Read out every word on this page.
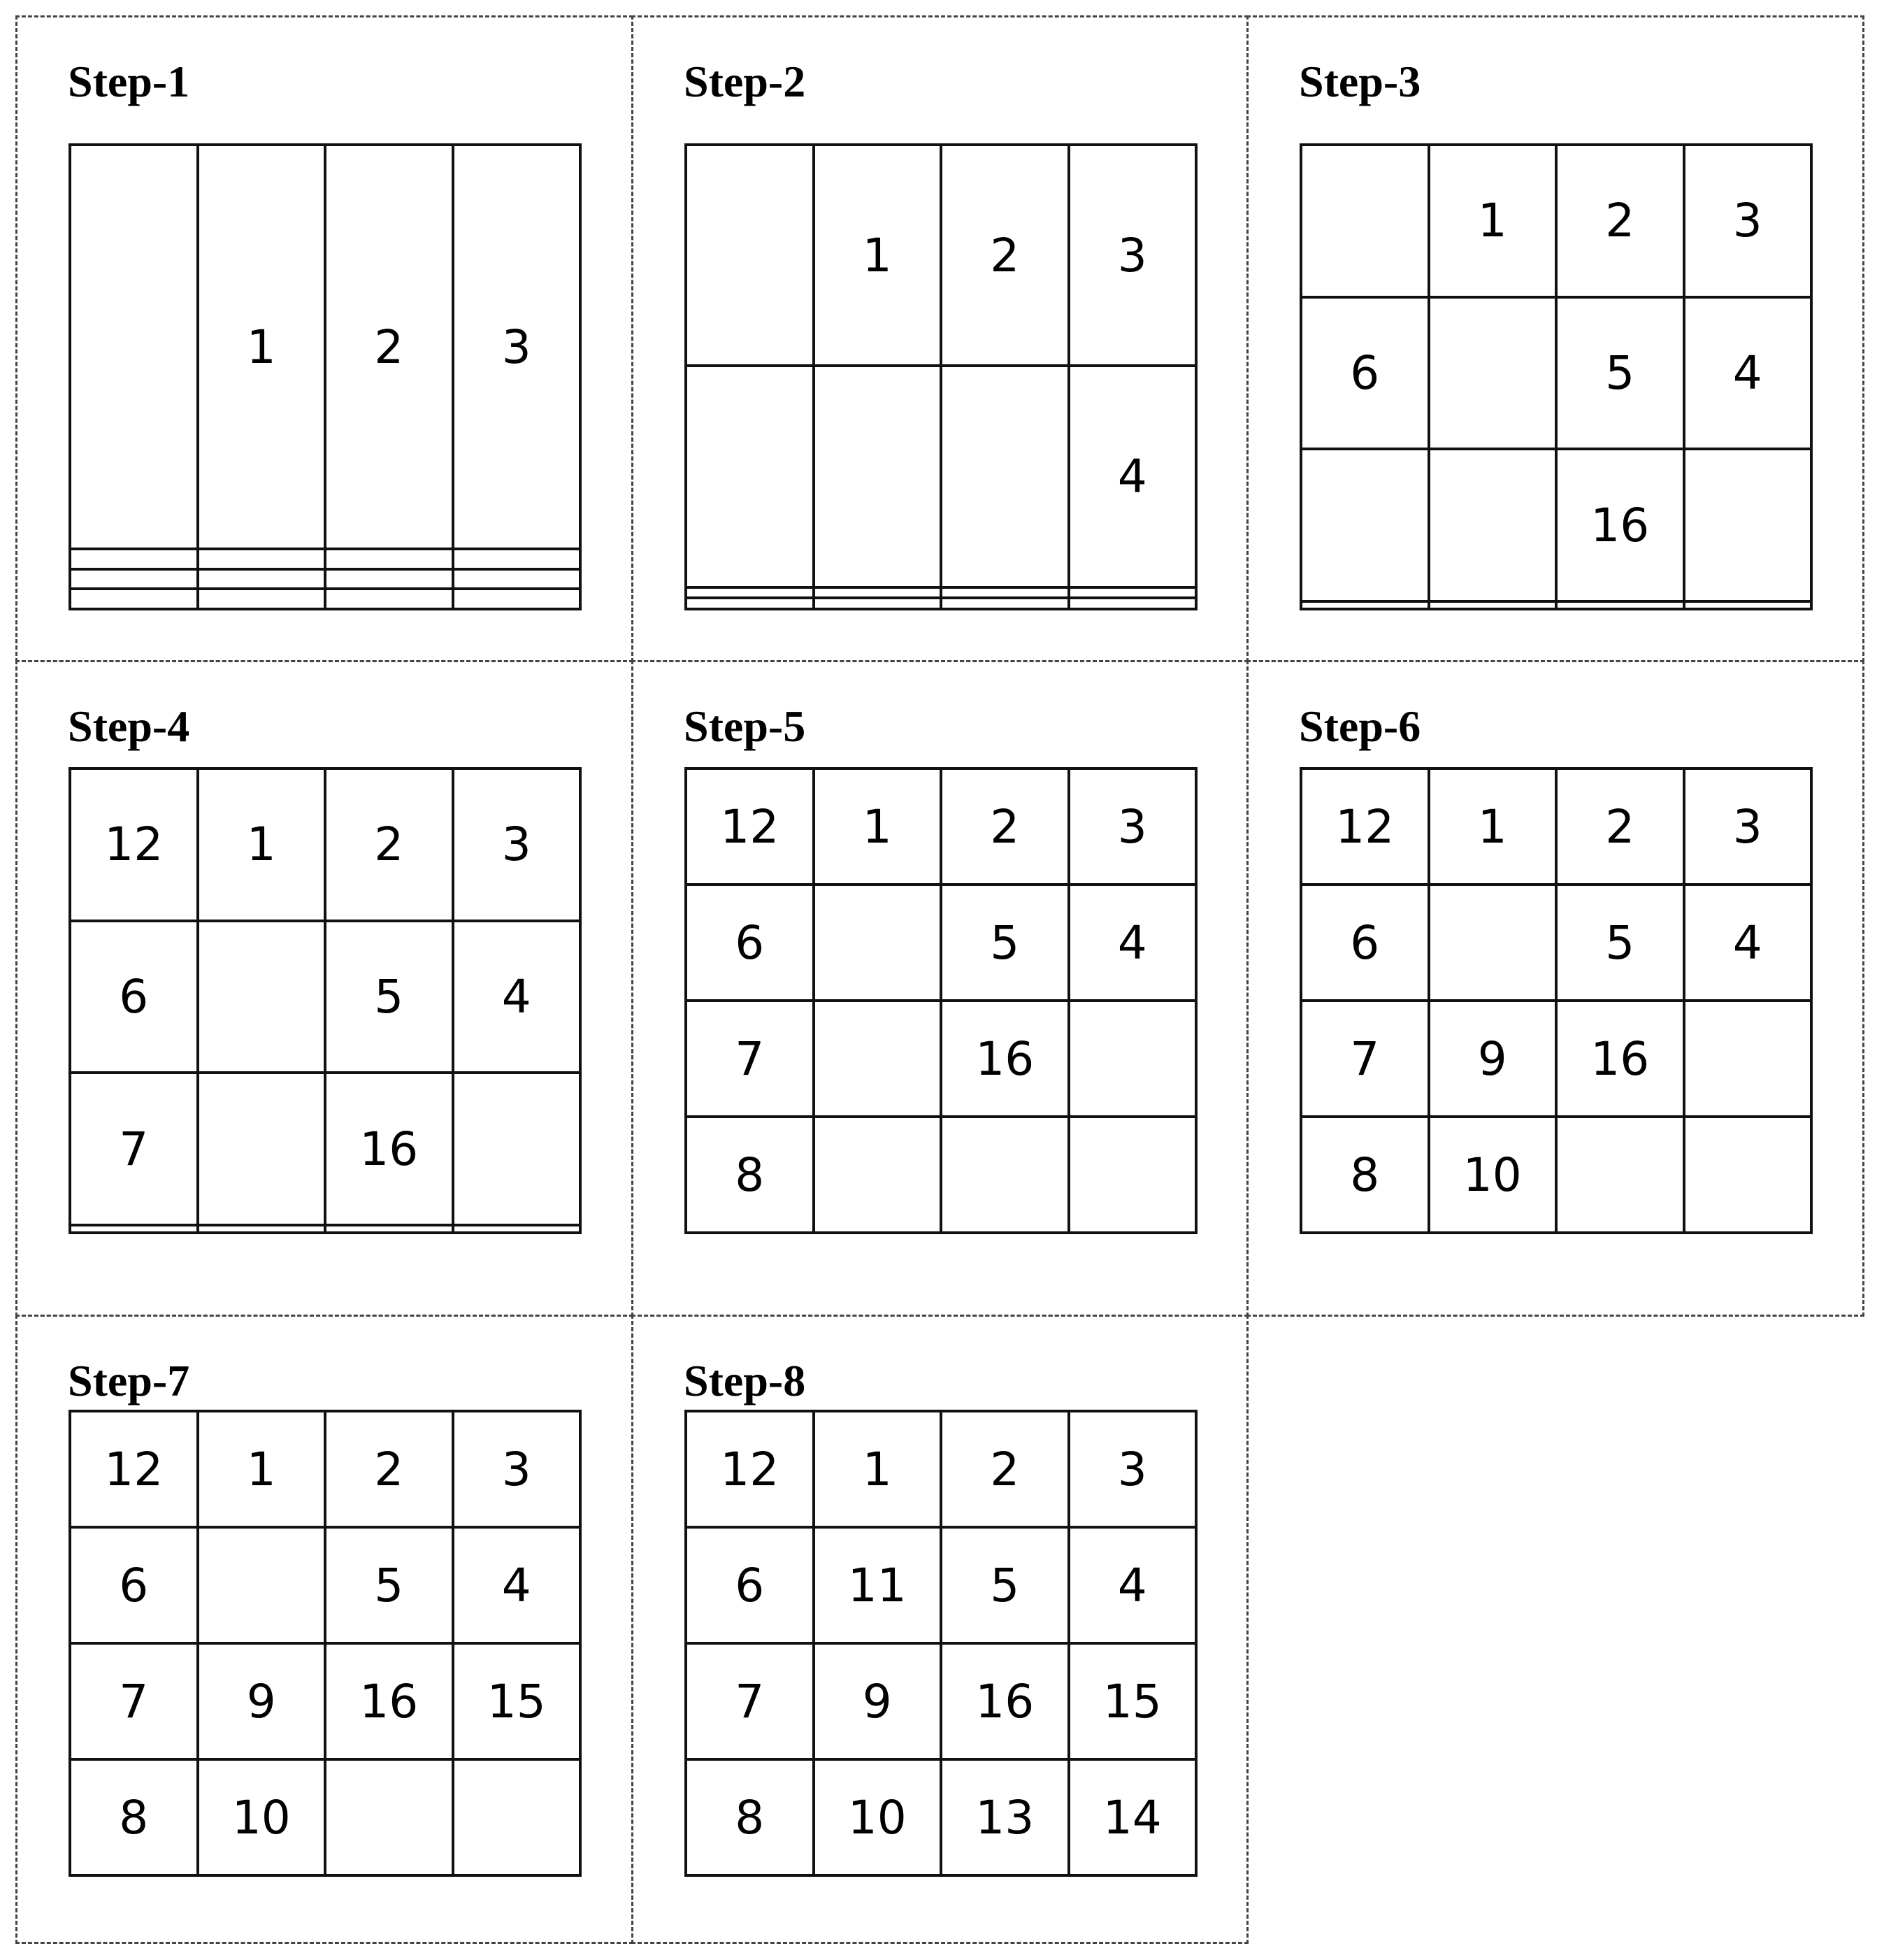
Step-1
	1	2	3

Step-2
	1	2	3
			4

Step-3
	1	2	3
6		5	4
		16	

Step-4
12	1	2	3
6		5	4
7		16	

Step-5
12	1	2	3
6		5	4
7		16	
8			
Step-6
12	1	2	3
6		5	4
7	9	16	
8	10		
Step-7
12	1	2	3
6		5	4
7	9	16	15
8	10		
Step-8
12	1	2	3
6	11	5	4
7	9	16	15
8	10	13	14
